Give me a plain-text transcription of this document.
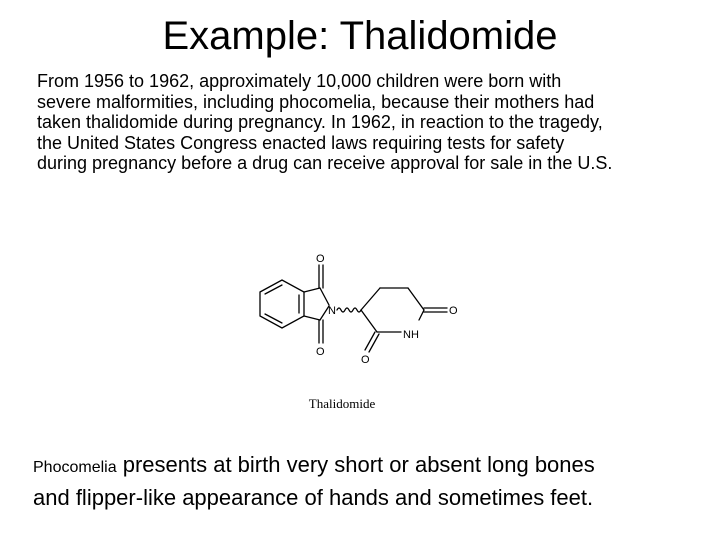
Example: Thalidomide
From 1956 to 1962, approximately 10,000 children were born with
severe malformities, including phocomelia, because their mothers had
taken thalidomide during pregnancy. In 1962, in reaction to the tragedy,
the United States Congress enacted laws requiring tests for safety
during pregnancy before a drug can receive approval for sale in the U.S.
O
O
N	O
NH
O
Thalidomide
Phocomelia presents at birth very short or absent long bones
and flipper-like appearance of hands and sometimes feet.
